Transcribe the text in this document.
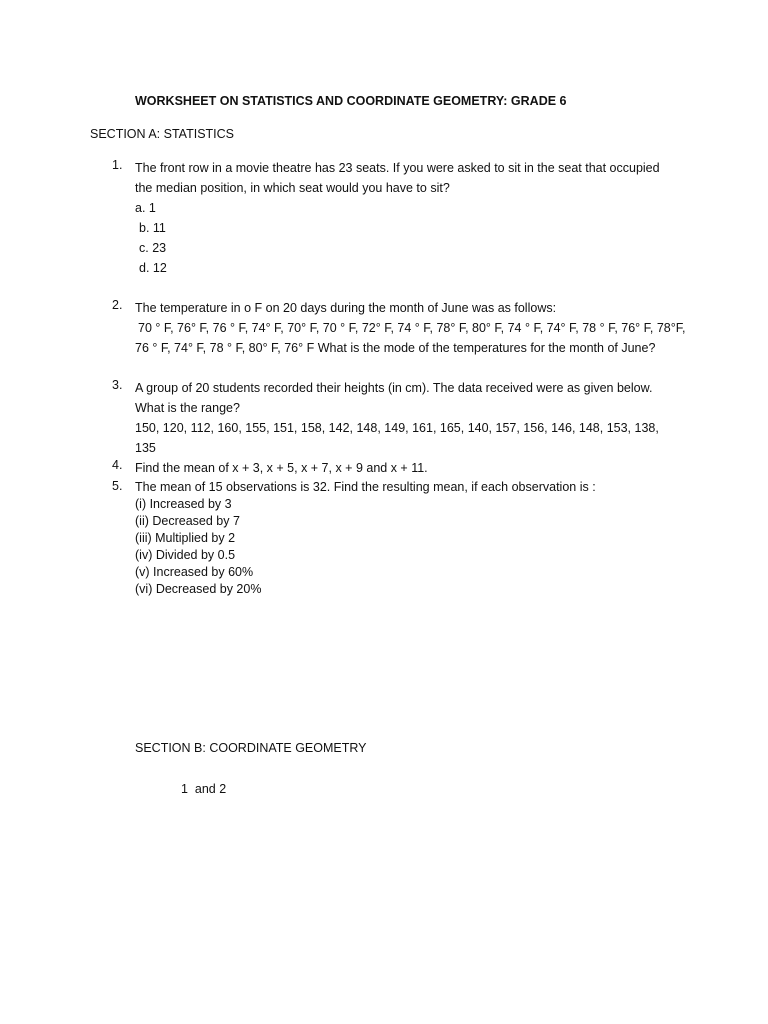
WORKSHEET ON STATISTICS AND COORDINATE GEOMETRY: GRADE 6
SECTION A: STATISTICS
1. The front row in a movie theatre has 23 seats. If you were asked to sit in the seat that occupied
the median position, in which seat would you have to sit?
a. 1
b. 11
c. 23
d. 12
2. The temperature in o F on 20 days during the month of June was as follows:
70 ° F, 76° F, 76 ° F, 74° F, 70° F, 70 ° F, 72° F, 74 ° F, 78° F, 80° F, 74 ° F, 74° F, 78 ° F, 76° F, 78°F,
76 ° F, 74° F, 78 ° F, 80° F, 76° F What is the mode of the temperatures for the month of June?
3. A group of 20 students recorded their heights (in cm). The data received were as given below.
What is the range?
150, 120, 112, 160, 155, 151, 158, 142, 148, 149, 161, 165, 140, 157, 156, 146, 148, 153, 138,
135
4. Find the mean of x + 3, x + 5, x + 7, x + 9 and x + 11.
5. The mean of 15 observations is 32. Find the resulting mean, if each observation is :
(i) Increased by 3
(ii) Decreased by 7
(iii) Multiplied by 2
(iv) Divided by 0.5
(v) Increased by 60%
(vi) Decreased by 20%
SECTION B: COORDINATE GEOMETRY
1  and 2
